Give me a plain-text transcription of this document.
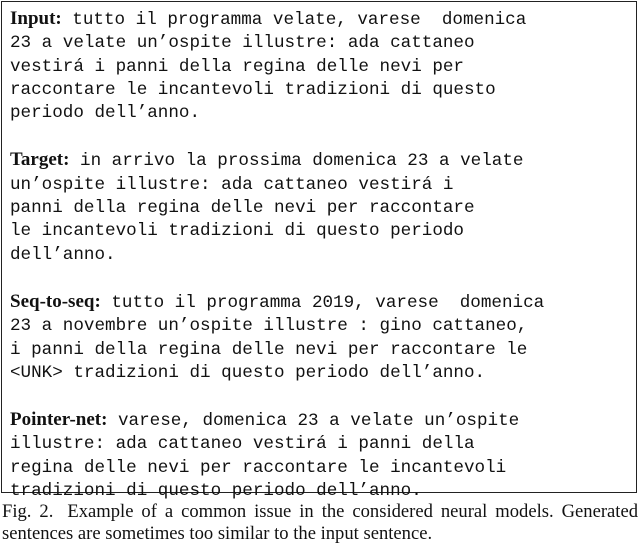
Input: tutto il programma velate, varese  domenica
23 a velate un’ospite illustre: ada cattaneo
vestirá i panni della regina delle nevi per
raccontare le incantevoli tradizioni di questo
periodo dell’anno.
Target: in arrivo la prossima domenica 23 a velate
un’ospite illustre: ada cattaneo vestirá i
panni della regina delle nevi per raccontare
le incantevoli tradizioni di questo periodo
dell’anno.
Seq-to-seq: tutto il programma 2019, varese  domenica
23 a novembre un’ospite illustre : gino cattaneo,
i panni della regina delle nevi per raccontare le
<UNK> tradizioni di questo periodo dell’anno.
Pointer-net: varese, domenica 23 a velate un’ospite
illustre: ada cattaneo vestirá i panni della
regina delle nevi per raccontare le incantevoli
tradizioni di questo periodo dell’anno.
Fig. 2. Example of a common issue in the considered neural models. Generated sentences are sometimes too similar to the input sentence.
